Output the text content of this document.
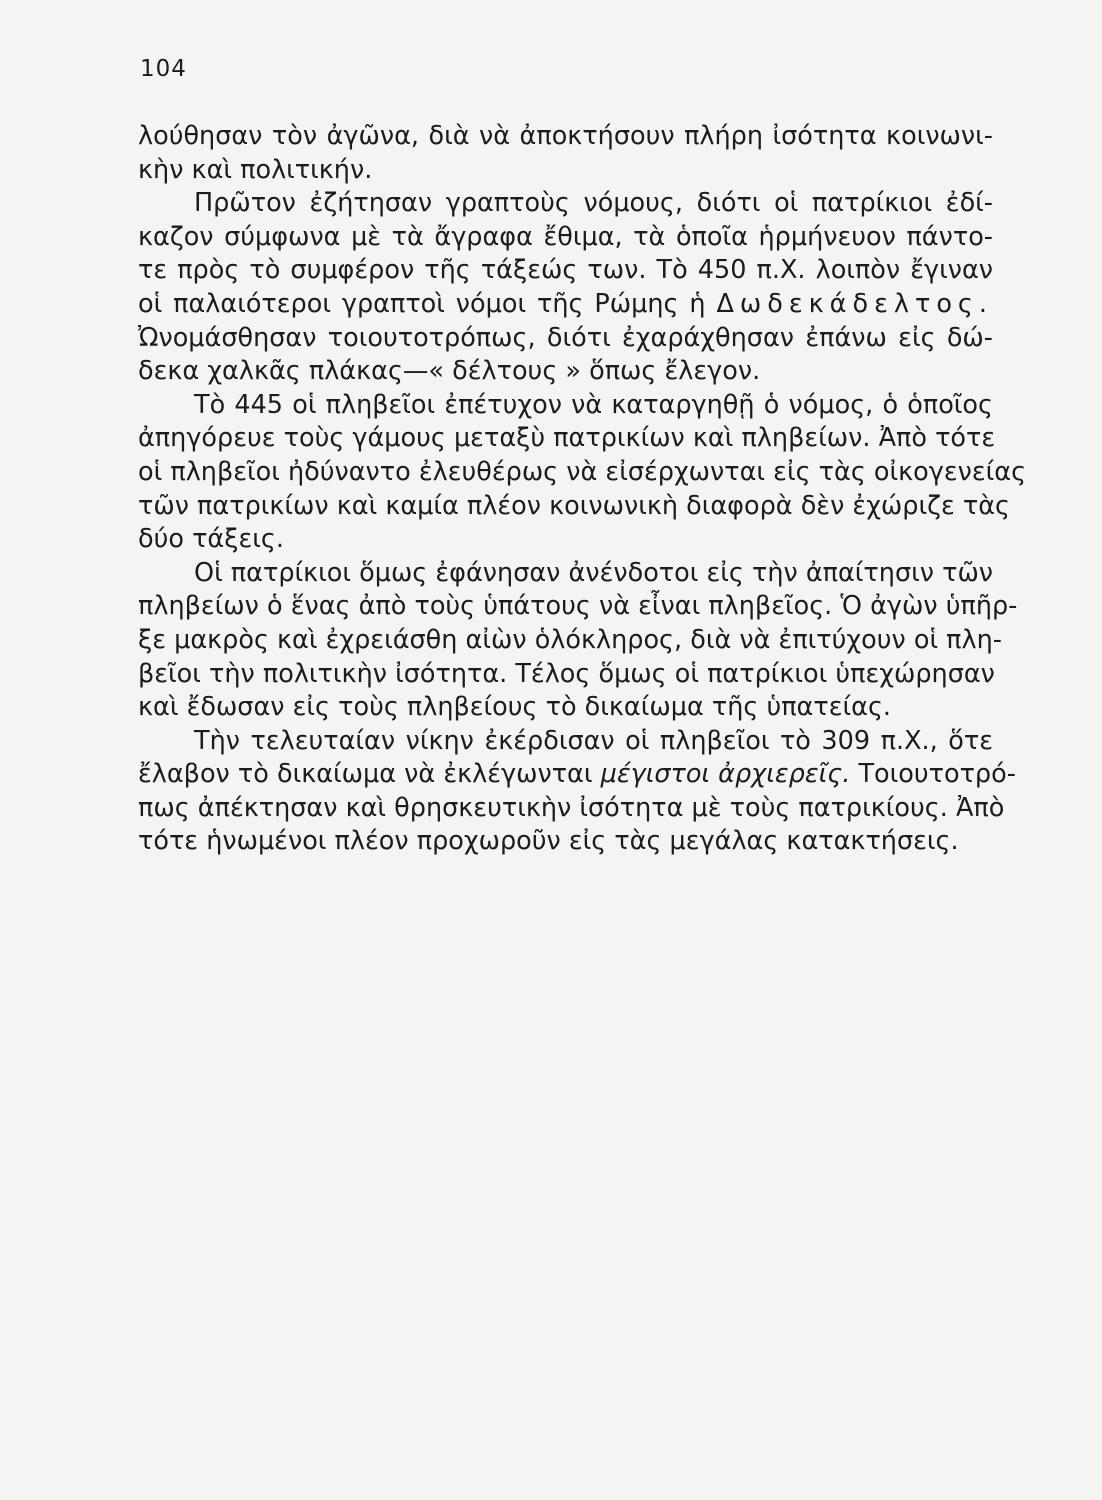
104
λούθησαν τὸν ἀγῶνα, διὰ νὰ ἀποκτήσουν πλήρη ἰσότητα κοινωνι-
κὴν καὶ πολιτικήν.
Πρῶτον ἐζήτησαν γραπτοὺς νόμους, διότι οἱ πατρίκιοι ἐδί-
καζον σύμφωνα μὲ τὰ ἄγραφα ἔθιμα, τὰ ὁποῖα ἡρμήνευον πάντο-
τε πρὸς τὸ συμφέρον τῆς τάξεώς των. Τὸ 450 π.Χ. λοιπὸν ἔγιναν
οἱ παλαιότεροι γραπτοὶ νόμοι τῆς Ρώμης ἡ Δωδεκάδελτος.
Ὠνομάσθησαν τοιουτοτρόπως, διότι ἐχαράχθησαν ἐπάνω εἰς δώ-
δεκα χαλκᾶς πλάκας—« δέλτους » ὅπως ἔλεγον.
Τὸ 445 οἱ πληβεῖοι ἐπέτυχον νὰ καταργηθῇ ὁ νόμος, ὁ ὁποῖος
ἀπηγόρευε τοὺς γάμους μεταξὺ πατρικίων καὶ πληβείων. Ἀπὸ τότε
οἱ πληβεῖοι ἠδύναντο ἐλευθέρως νὰ εἰσέρχωνται εἰς τὰς οἰκογενείας
τῶν πατρικίων καὶ καμία πλέον κοινωνικὴ διαφορὰ δὲν ἐχώριζε τὰς
δύο τάξεις.
Οἱ πατρίκιοι ὅμως ἐφάνησαν ἀνένδοτοι εἰς τὴν ἀπαίτησιν τῶν
πληβείων ὁ ἕνας ἀπὸ τοὺς ὑπάτους νὰ εἶναι πληβεῖος. Ὁ ἀγὼν ὑπῆρ-
ξε μακρὸς καὶ ἐχρειάσθη αἰὼν ὁλόκληρος, διὰ νὰ ἐπιτύχουν οἱ πλη-
βεῖοι τὴν πολιτικὴν ἰσότητα. Τέλος ὅμως οἱ πατρίκιοι ὑπεχώρησαν
καὶ ἔδωσαν εἰς τοὺς πληβείους τὸ δικαίωμα τῆς ὑπατείας.
Τὴν τελευταίαν νίκην ἐκέρδισαν οἱ πληβεῖοι τὸ 309 π.Χ., ὅτε
ἔλαβον τὸ δικαίωμα νὰ ἐκλέγωνται μέγιστοι ἀρχιερεῖς. Τοιουτοτρό-
πως ἀπέκτησαν καὶ θρησκευτικὴν ἰσότητα μὲ τοὺς πατρικίους. Ἀπὸ
τότε ἡνωμένοι πλέον προχωροῦν εἰς τὰς μεγάλας κατακτήσεις.
